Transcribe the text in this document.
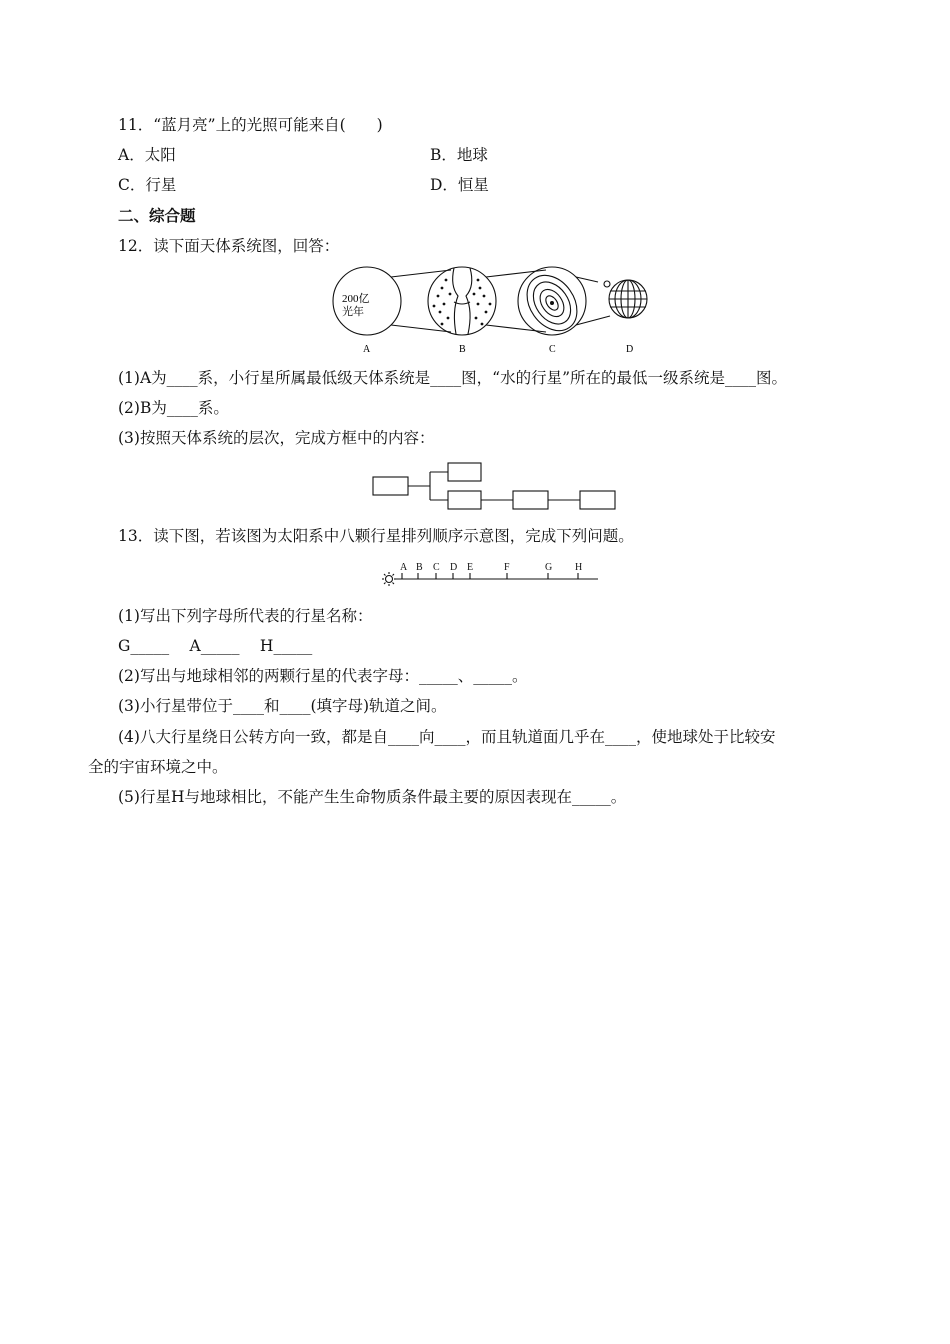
11．“蓝月亮”上的光照可能来自(　　)
A．太阳	B．地球
C．行星	D．恒星
二、综合题
12．读下面天体系统图，回答：
200亿
光年
A	B	C	D
(1)A为____系，小行星所属最低级天体系统是____图，“水的行星”所在的最低一级系统是____图。
(2)B为____系。
(3)按照天体系统的层次，完成方框中的内容：
13．读下图，若该图为太阳系中八颗行星排列顺序示意图，完成下列问题。
A B C D E	F	G H
(1)写出下列字母所代表的行星名称：
G_____　 A_____　 H_____
(2)写出与地球相邻的两颗行星的代表字母：_____、_____。
(3)小行星带位于____和____(填字母)轨道之间。
(4)八大行星绕日公转方向一致，都是自____向____，而且轨道面几乎在____，使地球处于比较安
全的宇宙环境之中。
(5)行星H与地球相比，不能产生生命物质条件最主要的原因表现在_____。
